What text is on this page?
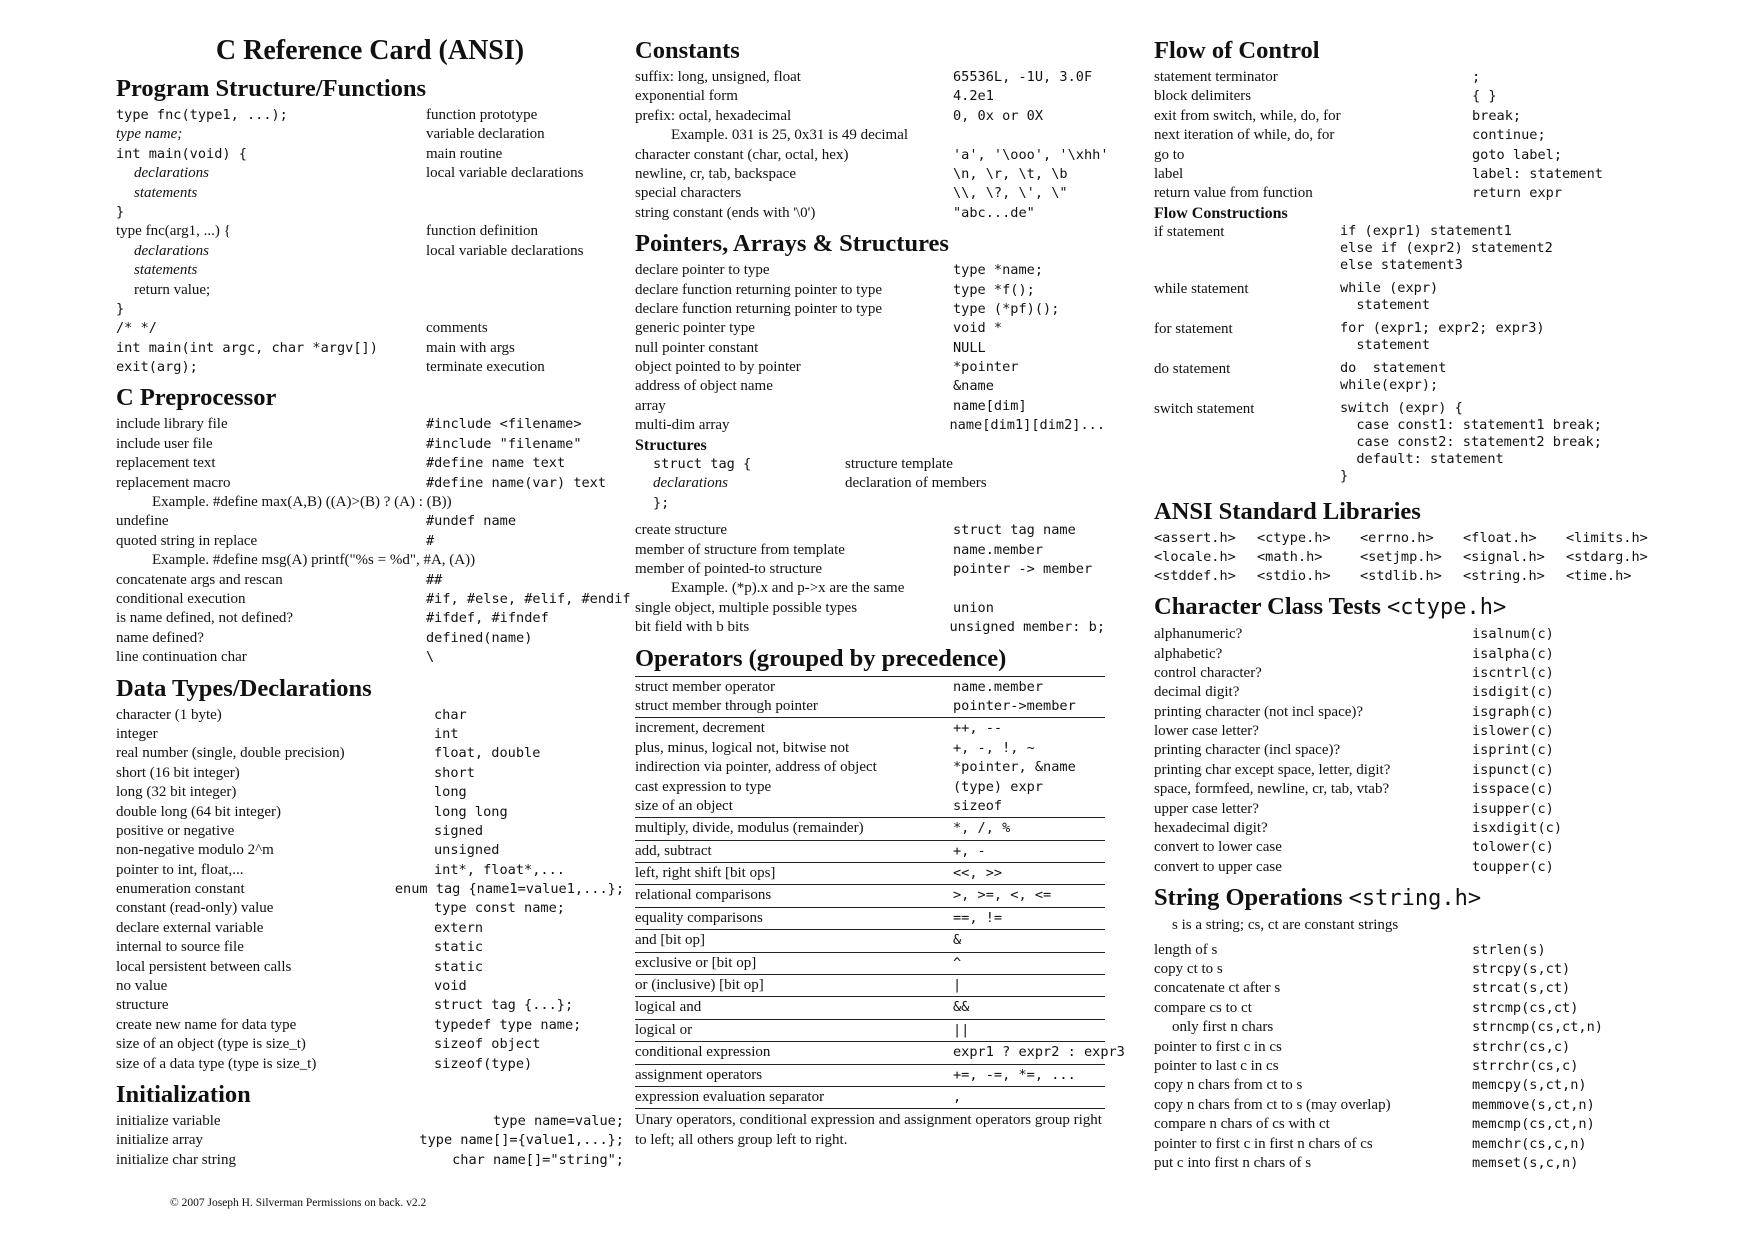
C Reference Card (ANSI)
Program Structure/Functions
type fnc(type1, ...);	function prototype
type name;	variable declaration
int main(void) {	main routine
declarations	local variable declarations
statements
}
type fnc(arg1, ...) {	function definition
declarations	local variable declarations
statements
return value;
}
/* */	comments
int main(int argc, char *argv[])	main with args
exit(arg);	terminate execution
C Preprocessor
include library file	#include <filename>
include user file	#include "filename"
replacement text	#define name text
replacement macro	#define name(var) text
Example. #define max(A,B) ((A)>(B) ? (A) : (B))
undefine	#undef name
quoted string in replace	#
Example. #define msg(A) printf("%s = %d", #A, (A))
concatenate args and rescan	##
conditional execution	#if, #else, #elif, #endif
is name defined, not defined?	#ifdef, #ifndef
name defined?	defined(name)
line continuation char	\
Data Types/Declarations
character (1 byte)	char
integer	int
real number (single, double precision)	float, double
short (16 bit integer)	short
long (32 bit integer)	long
double long (64 bit integer)	long long
positive or negative	signed
non-negative modulo 2^m	unsigned
pointer to int, float,...	int*, float*,...
enumeration constant	enum tag {name1=value1,...};
constant (read-only) value	type const name;
declare external variable	extern
internal to source file	static
local persistent between calls	static
no value	void
structure	struct tag {...};
create new name for data type	typedef type name;
size of an object (type is size_t)	sizeof object
size of a data type (type is size_t)	sizeof(type)
Initialization
initialize variable	type name=value;
initialize array	type name[]={value1,...};
initialize char string	char name[]="string";
Constants
suffix: long, unsigned, float	65536L, -1U, 3.0F
exponential form	4.2e1
prefix: octal, hexadecimal	0, 0x or 0X
Example. 031 is 25, 0x31 is 49 decimal
character constant (char, octal, hex)	'a', '\ooo', '\xhh'
newline, cr, tab, backspace	\n, \r, \t, \b
special characters	\\, \?, \', \"
string constant (ends with '\0')	"abc...de"
Pointers, Arrays & Structures
declare pointer to type	type *name;
declare function returning pointer to type	type *f();
declare function returning pointer to type	type (*pf)();
generic pointer type	void *
null pointer constant	NULL
object pointed to by pointer	*pointer
address of object name	&name
array	name[dim]
multi-dim array	name[dim1][dim2]...
Structures
struct tag {	structure template
declarations	declaration of members
};
create structure	struct tag name
member of structure from template	name.member
member of pointed-to structure	pointer -> member
Example. (*p).x and p->x are the same
single object, multiple possible types	union
bit field with b bits	unsigned member: b;
Operators (grouped by precedence)
struct member operator	name.member
struct member through pointer	pointer->member
increment, decrement	++, --
plus, minus, logical not, bitwise not	+, -, !, ~
indirection via pointer, address of object	*pointer, &name
cast expression to type	(type) expr
size of an object	sizeof
multiply, divide, modulus (remainder)	*, /, %
add, subtract	+, -
left, right shift [bit ops]	<<, >>
relational comparisons	>, >=, <, <=
equality comparisons	==, !=
and [bit op]	&
exclusive or [bit op]	^
or (inclusive) [bit op]	|
logical and	&&
logical or	||
conditional expression	expr1 ? expr2 : expr3
assignment operators	+=, -=, *=, ...
expression evaluation separator	,
Unary operators, conditional expression and assignment operators group right to left; all others group left to right.
Flow of Control
statement terminator	;
block delimiters	{ }
exit from switch, while, do, for	break;
next iteration of while, do, for	continue;
go to	goto label;
label	label: statement
return value from function	return expr
Flow Constructions
if statement	if (expr1) statement1
else if (expr2) statement2
else statement3
while statement	while (expr)
statement
for statement	for (expr1; expr2; expr3)
statement
do statement	do  statement
while(expr);
switch statement	switch (expr) {
case const1: statement1 break;
case const2: statement2 break;
default: statement
}
ANSI Standard Libraries
<assert.h>	<ctype.h>	<errno.h>	<float.h>	<limits.h>
<locale.h>	<math.h>	<setjmp.h>	<signal.h>	<stdarg.h>
<stddef.h>	<stdio.h>	<stdlib.h>	<string.h>	<time.h>
Character Class Tests <ctype.h>
alphanumeric?	isalnum(c)
alphabetic?	isalpha(c)
control character?	iscntrl(c)
decimal digit?	isdigit(c)
printing character (not incl space)?	isgraph(c)
lower case letter?	islower(c)
printing character (incl space)?	isprint(c)
printing char except space, letter, digit?	ispunct(c)
space, formfeed, newline, cr, tab, vtab?	isspace(c)
upper case letter?	isupper(c)
hexadecimal digit?	isxdigit(c)
convert to lower case	tolower(c)
convert to upper case	toupper(c)
String Operations <string.h>
s is a string; cs, ct are constant strings
length of s	strlen(s)
copy ct to s	strcpy(s,ct)
concatenate ct after s	strcat(s,ct)
compare cs to ct	strcmp(cs,ct)
only first n chars	strncmp(cs,ct,n)
pointer to first c in cs	strchr(cs,c)
pointer to last c in cs	strrchr(cs,c)
copy n chars from ct to s	memcpy(s,ct,n)
copy n chars from ct to s (may overlap)	memmove(s,ct,n)
compare n chars of cs with ct	memcmp(cs,ct,n)
pointer to first c in first n chars of cs	memchr(cs,c,n)
put c into first n chars of s	memset(s,c,n)
© 2007 Joseph H. Silverman Permissions on back. v2.2
